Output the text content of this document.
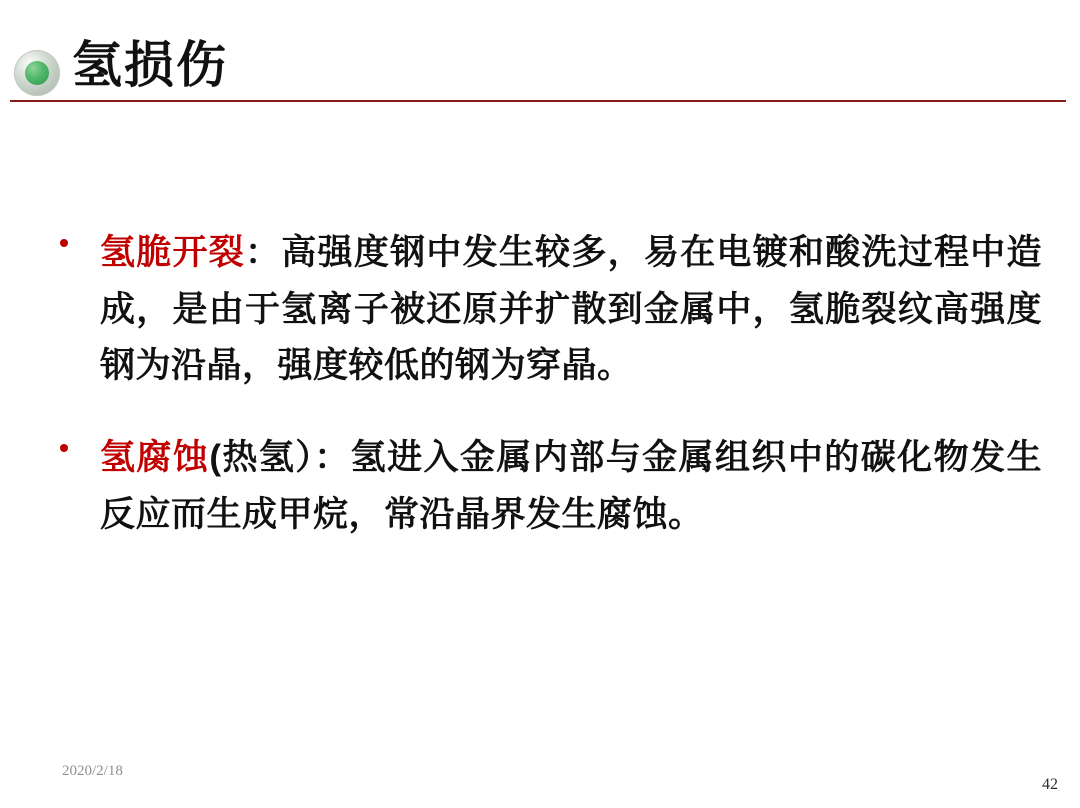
氢损伤

氢脆开裂：高强度钢中发生较多，易在电镀和酸洗过程中造成，是由于氢离子被还原并扩散到金属中，氢脆裂纹高强度钢为沿晶，强度较低的钢为穿晶。

氢腐蚀(热氢）：氢进入金属内部与金属组织中的碳化物发生反应而生成甲烷，常沿晶界发生腐蚀。

2020/2/18
42
